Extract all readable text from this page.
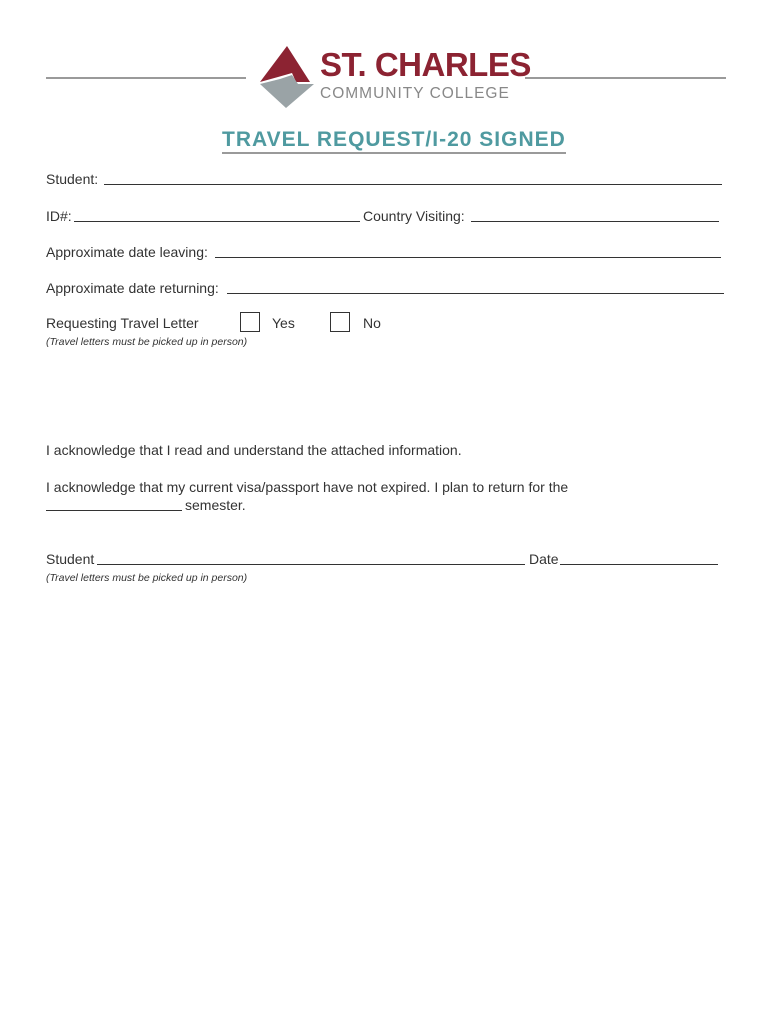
ST. CHARLES
COMMUNITY COLLEGE
TRAVEL REQUEST/I-20 SIGNED
Student:
ID#:	Country Visiting:
Approximate date leaving:
Approximate date returning:
Requesting Travel Letter	Yes	No
(Travel letters must be picked up in person)
I acknowledge that I read and understand the attached information.
I acknowledge that my current visa/passport have not expired. I plan to return for the
semester.
Student	Date
(Travel letters must be picked up in person)
